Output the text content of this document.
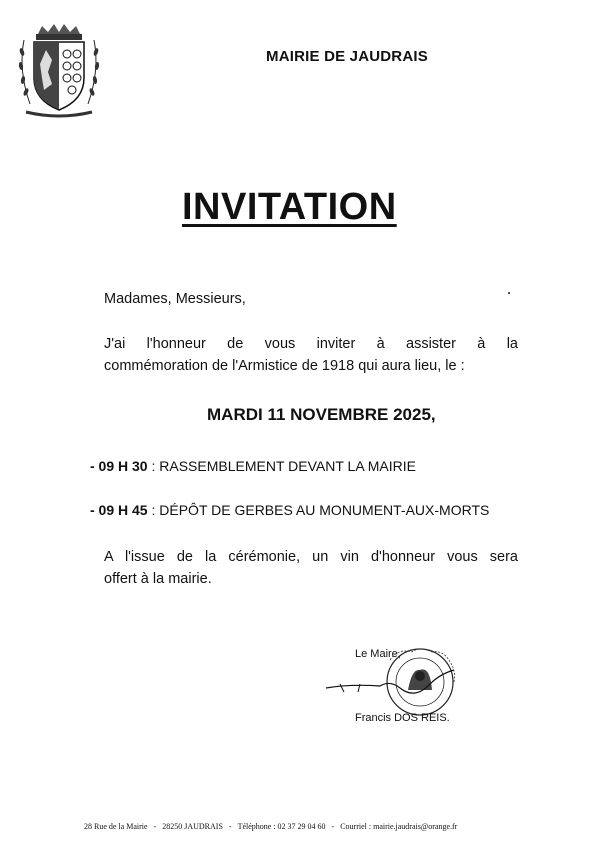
MAIRIE DE JAUDRAIS
INVITATION
Madames, Messieurs,
J'ai l'honneur de vous inviter à assister à la
commémoration de l'Armistice de 1918 qui aura lieu, le :
MARDI 11 NOVEMBRE 2025,
- 09 H 30 : RASSEMBLEMENT DEVANT LA MAIRIE
- 09 H 45 : DÉPÔT DE GERBES AU MONUMENT-AUX-MORTS
A l'issue de la cérémonie, un vin d'honneur vous sera
offert à la mairie.
Le Maire,
Francis DOS REIS.
28 Rue de la Mairie - 28250 JAUDRAIS - Téléphone : 02 37 29 04 60 - Courriel : mairie.jaudrais@orange.fr
